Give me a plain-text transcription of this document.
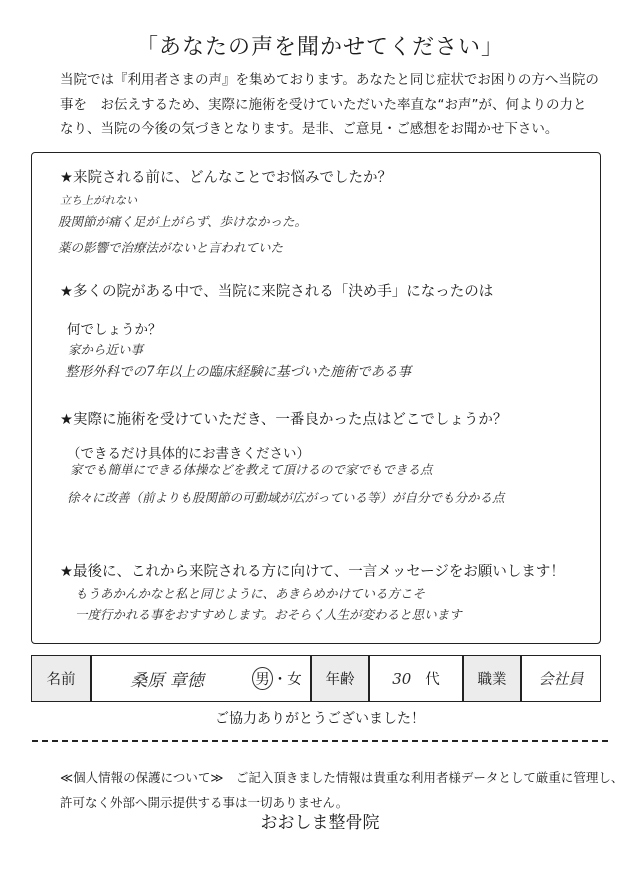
「あなたの声を聞かせてください」
当院では『利用者さまの声』を集めております。あなたと同じ症状でお困りの方へ当院の
事を　お伝えするため、実際に施術を受けていただいた率直な“お声”が、何よりの力と
なり、当院の今後の気づきとなります。是非、ご意見・ご感想をお聞かせ下さい。
★来院される前に、どんなことでお悩みでしたか？
立ち上がれない
股関節が痛く足が上がらず、歩けなかった。
薬の影響で治療法がないと言われていた
★多くの院がある中で、当院に来院される「決め手」になったのは
何でしょうか？
家から近い事
整形外科での7年以上の臨床経験に基づいた施術である事
★実際に施術を受けていただき、一番良かった点はどこでしょうか？
（できるだけ具体的にお書きください）
家でも簡単にできる体操などを教えて頂けるので家でもできる点
徐々に改善（前よりも股関節の可動域が広がっている等）が自分でも分かる点
★最後に、これから来院される方に向けて、一言メッセージをお願いします！
もうあかんかなと私と同じように、あきらめかけている方こそ
一度行かれる事をおすすめします。おそらく人生が変わると思います
名前	桑原 章徳	男 ・ 女	年齢	30 代	職業	会社員
ご協力ありがとうございました！
≪個人情報の保護について≫　ご記入頂きました情報は貴重な利用者様データとして厳重に管理し、
許可なく外部へ開示提供する事は一切ありません。
おおしま整骨院
